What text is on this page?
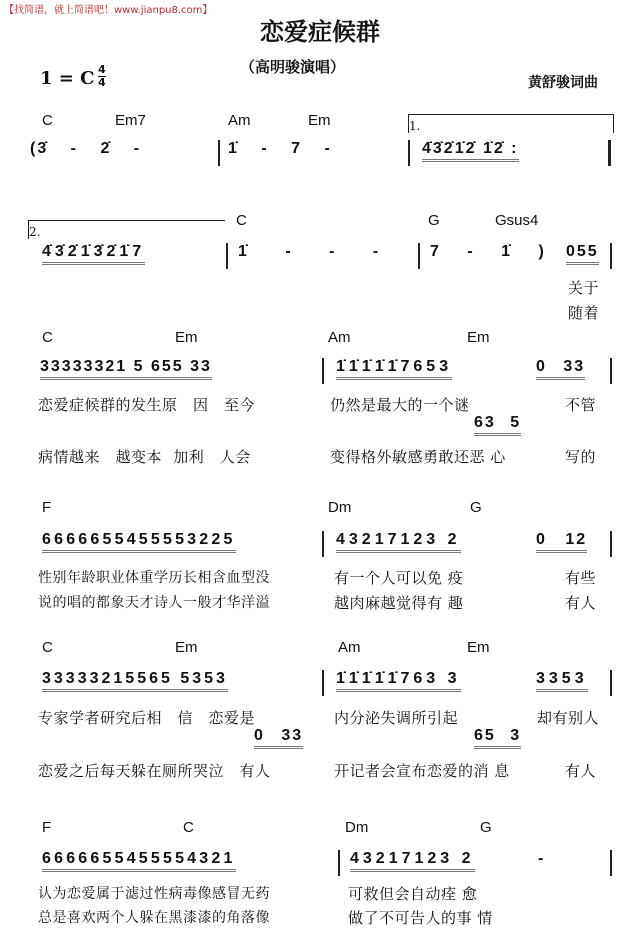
【找简谱，就上简谱吧！www.jianpu8.com】
恋爱症候群
（高明骏演唱）
1 = C $\frac{4}{4}$	黄舒骏词曲
C	Em7	Am	Em	1.
(3̇ - 2̇ -	1̇ - 7 -	4̇3̇2̇1̇2̇ 1̇2̇ :
2.
C	G	Gsus4
4̇3̇2̇1̇3̇2̇1̇7	1̇ - - -	7 - 1̇ ) 055
关于
随着
C	Em	Am	Em
33333321 5 655 33	1̇1̇1̇1̇1̇7653	0 33
恋爱症候群的发生原　因　至今	仍然是最大的一个谜	不管
63 5
病情越来　越变本 加利　人会	变得格外敏感勇敢还恶 心	写的
F	Dm	G
6666655455553225	43217123 2	0 12
性别年龄职业体重学历长相含血型没	有一个人可以免 疫	有些
说的唱的都象天才诗人一般才华洋溢	越肉麻越觉得有 趣	有人
C	Em	Am	Em
33333215565 5353	1̇1̇1̇1̇1̇763 3	3353
专家学者研究后相　信　恋爱是	内分泌失调所引起	却有别人
0 33	65 3
恋爱之后每天躲在厕所哭泣　有人	开记者会宣布恋爱的消 息	有人
F	C	Dm	G
6666655455554321	43217123 2	-
认为恋爱属于滤过性病毒像感冒无药	可救但会自动痊 愈
总是喜欢两个人躲在黑漆漆的角落像	做了不可告人的事 情
